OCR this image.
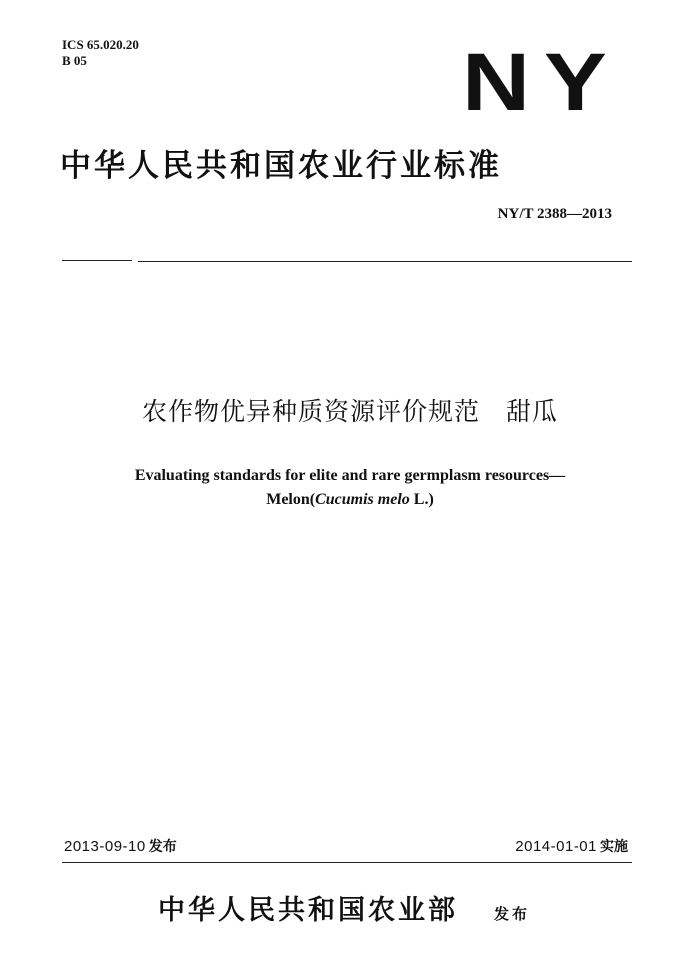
ICS 65.020.20
B 05	NY
中华人民共和国农业行业标准
NY/T 2388—2013
农作物优异种质资源评价规范　甜瓜
Evaluating standards for elite and rare germplasm resources—
Melon(Cucumis melo L.)
2013-09-10 发布	2014-01-01 实施
中华人民共和国农业部 发布
